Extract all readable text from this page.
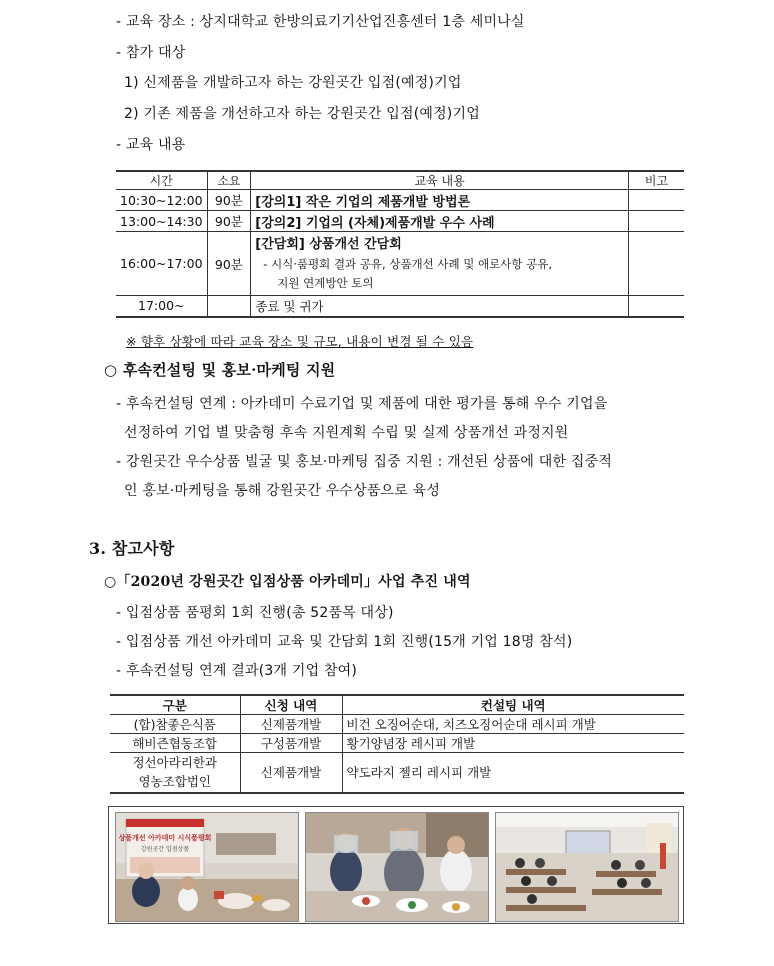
- 교육 장소 : 상지대학교 한방의료기기산업진흥센터 1층 세미나실
- 참가 대상
1) 신제품을 개발하고자 하는 강원곳간 입점(예정)기업
2) 기존 제품을 개선하고자 하는 강원곳간 입점(예정)기업
- 교육 내용
시간	소요	교육 내용	비고
10:30~12:00	90분	[강의1] 작은 기업의 제품개발 방법론	
13:00~14:30	90분	[강의2] 기업의 (자체)제품개발 우수 사례	
16:00~17:00	90분	[간담회] 상품개선 간담회
- 시식·품평회 결과 공유, 상품개선 사례 및 애로사항 공유,
지원 연계방안 토의	

17:00~		종료 및 귀가	
※ 향후 상황에 따라 교육 장소 및 규모, 내용이 변경 될 수 있음
○ 후속컨설팅 및 홍보·마케팅 지원
- 후속컨설팅 연계 : 아카데미 수료기업 및 제품에 대한 평가를 통해 우수 기업을
선정하여 기업 별 맞춤형 후속 지원계획 수립 및 실제 상품개선 과정지원
- 강원곳간 우수상품 빌굴 및 홍보·마케팅 집중 지원 : 개선된 상품에 대한 집중적
인 홍보·마케팅을 통해 강원곳간 우수상품으로 육성
3. 참고사항
○「2020년 강원곳간 입점상품 아카데미」사업 추진 내역
- 입점상품 품평회 1회 진행(총 52품목 대상)
- 입점상품 개선 아카데미 교육 및 간담회 1회 진행(15개 기업 18명 참석)
- 후속컨설팅 연계 결과(3개 기업 참여)
구분	신청 내역	컨설팅 내역
(합)참좋은식품	신제품개발	비건 오징어순대, 치즈오징어순대 레시피 개발
해비즌협동조합	구성품개발	황기양념장 레시피 개발

정선아라리한과
영농조합법인	신제품개발	약도라지 젤리 레시피 개발
상품개선 아카데미 시식품평회
강원곳간 입점상품
